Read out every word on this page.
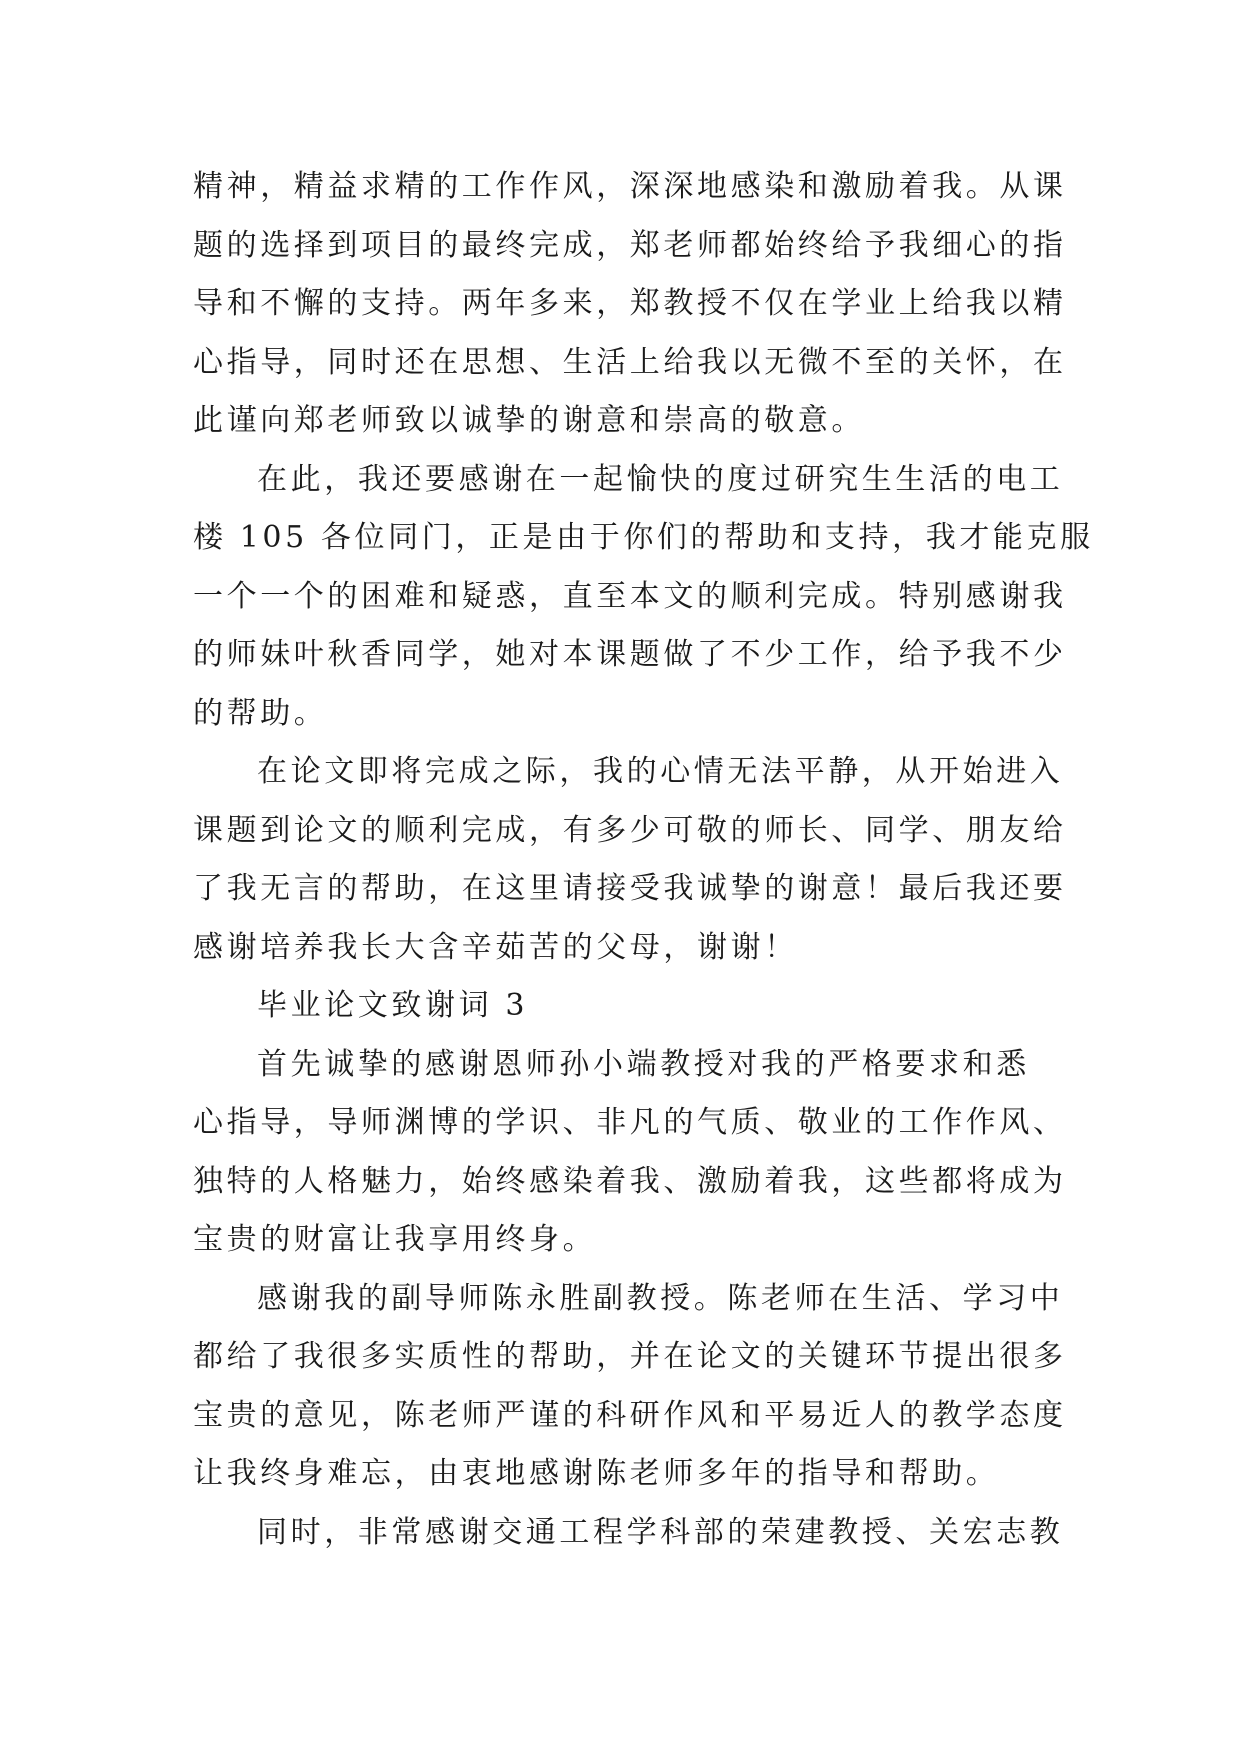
精神，精益求精的工作作风，深深地感染和激励着我。从课
题的选择到项目的最终完成，郑老师都始终给予我细心的指
导和不懈的支持。两年多来，郑教授不仅在学业上给我以精
心指导，同时还在思想、生活上给我以无微不至的关怀，在
此谨向郑老师致以诚挚的谢意和崇高的敬意。
在此，我还要感谢在一起愉快的度过研究生生活的电工
楼 105 各位同门，正是由于你们的帮助和支持，我才能克服
一个一个的困难和疑惑，直至本文的顺利完成。特别感谢我
的师妹叶秋香同学，她对本课题做了不少工作，给予我不少
的帮助。
在论文即将完成之际，我的心情无法平静，从开始进入
课题到论文的顺利完成，有多少可敬的师长、同学、朋友给
了我无言的帮助，在这里请接受我诚挚的谢意！最后我还要
感谢培养我长大含辛茹苦的父母，谢谢！
毕业论文致谢词 3
首先诚挚的感谢恩师孙小端教授对我的严格要求和悉
心指导，导师渊博的学识、非凡的气质、敬业的工作作风、
独特的人格魅力，始终感染着我、激励着我，这些都将成为
宝贵的财富让我享用终身。
感谢我的副导师陈永胜副教授。陈老师在生活、学习中
都给了我很多实质性的帮助，并在论文的关键环节提出很多
宝贵的意见，陈老师严谨的科研作风和平易近人的教学态度
让我终身难忘，由衷地感谢陈老师多年的指导和帮助。
同时，非常感谢交通工程学科部的荣建教授、关宏志教
